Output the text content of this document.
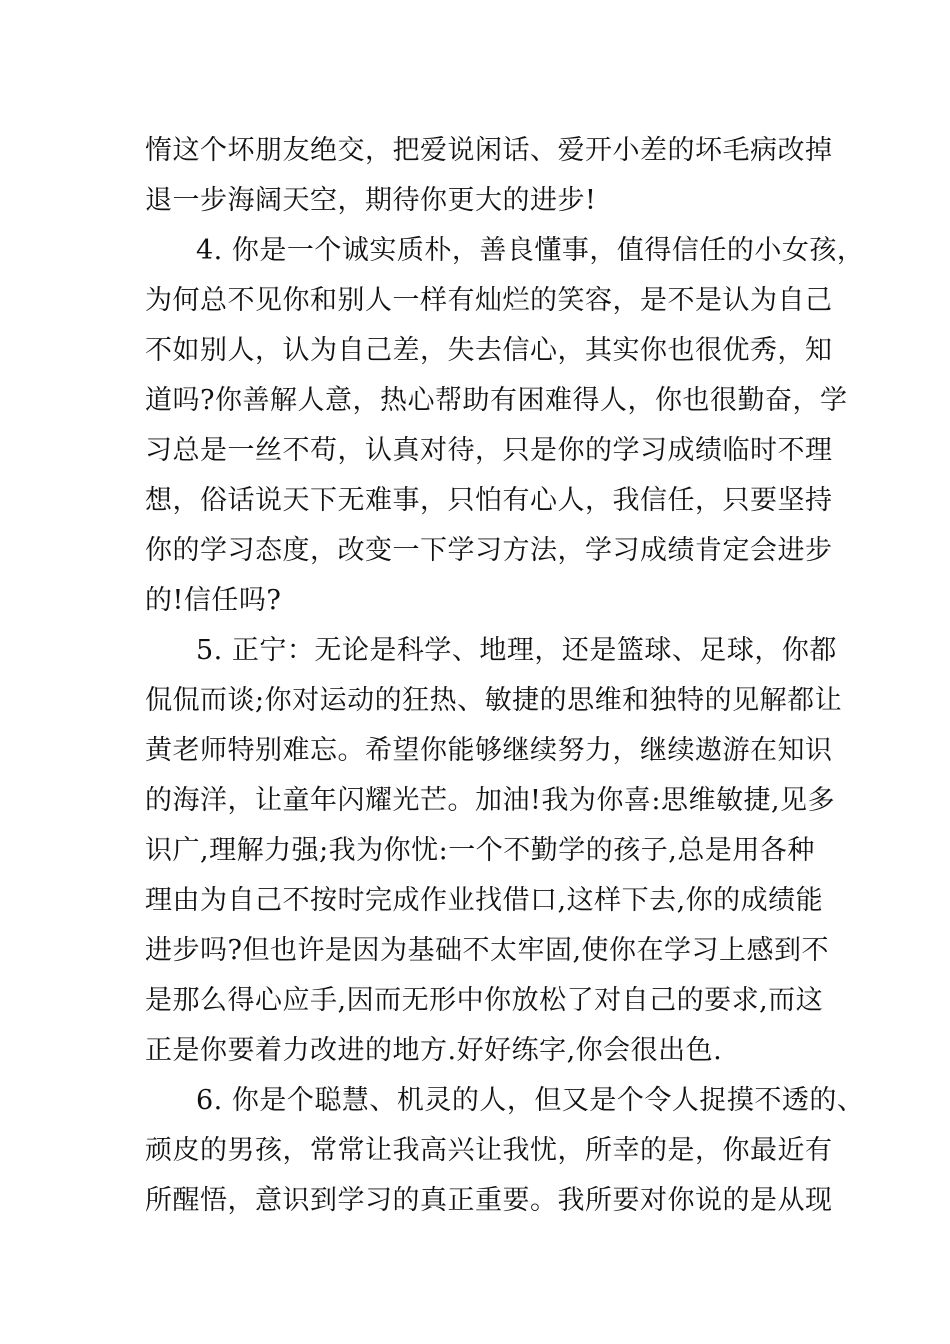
惰这个坏朋友绝交，把爱说闲话、爱开小差的坏毛病改掉
退一步海阔天空，期待你更大的进步!
4. 你是一个诚实质朴，善良懂事，值得信任的小女孩，
为何总不见你和别人一样有灿烂的笑容，是不是认为自己
不如别人，认为自己差，失去信心，其实你也很优秀，知
道吗?你善解人意，热心帮助有困难得人，你也很勤奋，学
习总是一丝不苟，认真对待，只是你的学习成绩临时不理
想，俗话说天下无难事，只怕有心人，我信任，只要坚持
你的学习态度，改变一下学习方法，学习成绩肯定会进步
的!信任吗?
5. 正宁：无论是科学、地理，还是篮球、足球，你都
侃侃而谈;你对运动的狂热、敏捷的思维和独特的见解都让
黄老师特别难忘。希望你能够继续努力，继续遨游在知识
的海洋，让童年闪耀光芒。加油!我为你喜:思维敏捷,见多
识广,理解力强;我为你忧:一个不勤学的孩子,总是用各种
理由为自己不按时完成作业找借口,这样下去,你的成绩能
进步吗?但也许是因为基础不太牢固,使你在学习上感到不
是那么得心应手,因而无形中你放松了对自己的要求,而这
正是你要着力改进的地方.好好练字,你会很出色.
6. 你是个聪慧、机灵的人，但又是个令人捉摸不透的、
顽皮的男孩，常常让我高兴让我忧，所幸的是，你最近有
所醒悟，意识到学习的真正重要。我所要对你说的是从现
